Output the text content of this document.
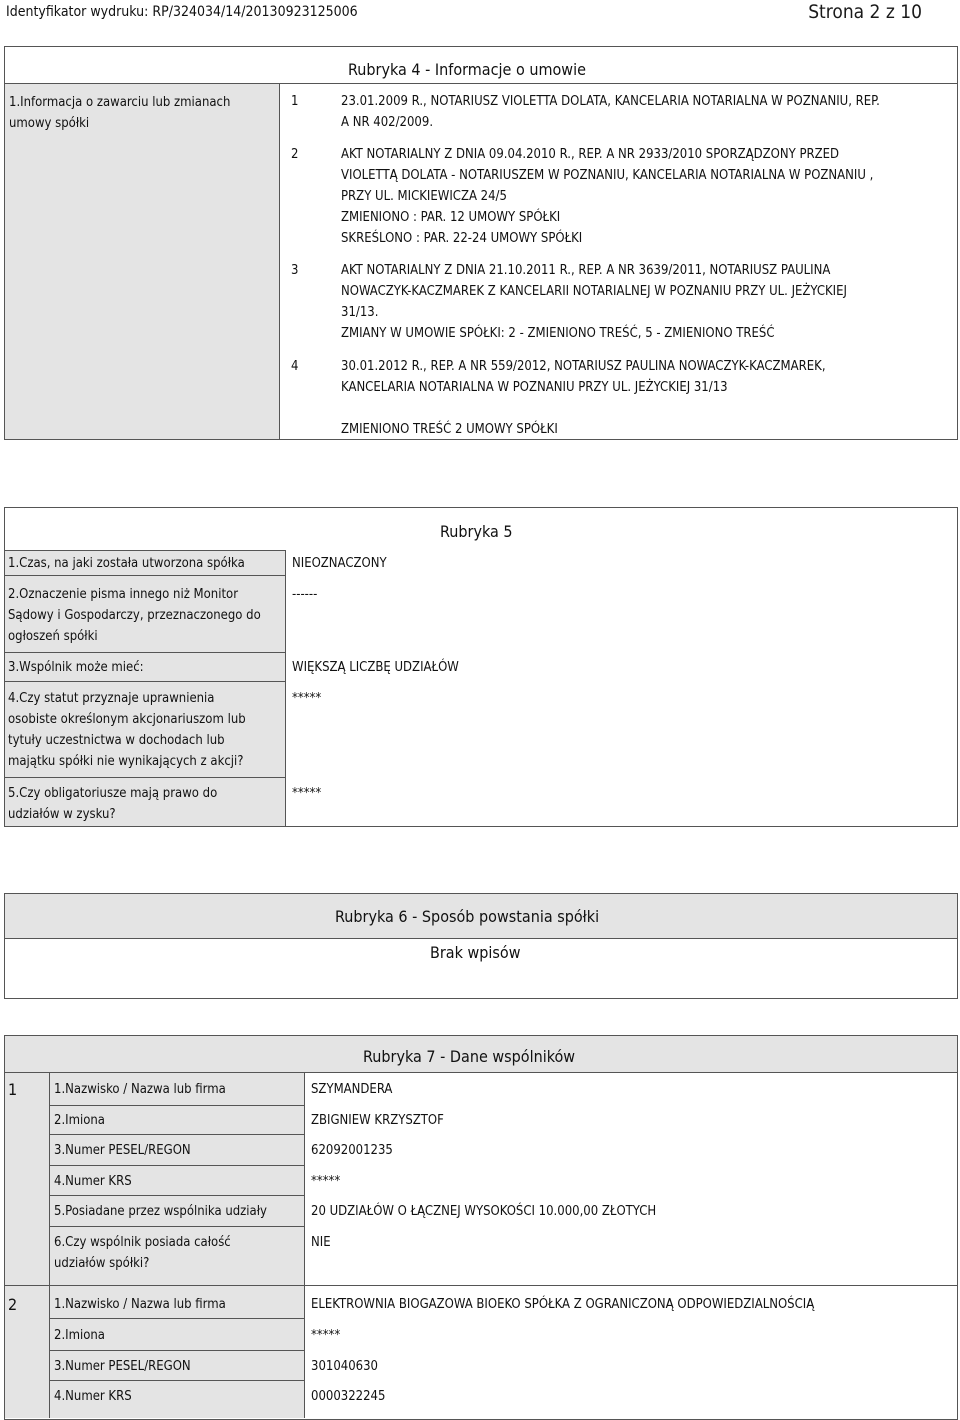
Identyfikator wydruku: RP/324034/14/20130923125006	Strona 2 z 10
Rubryka 4 - Informacje o umowie
1.Informacja o zawarciu lub zmianach
umowy spółki
1	23.01.2009 R., NOTARIUSZ VIOLETTA DOLATA, KANCELARIA NOTARIALNA W POZNANIU, REP.
A NR 402/2009.
2	AKT NOTARIALNY Z DNIA 09.04.2010 R., REP. A NR 2933/2010 SPORZĄDZONY PRZED
VIOLETTĄ DOLATA - NOTARIUSZEM W POZNANIU, KANCELARIA NOTARIALNA W POZNANIU ,
PRZY UL. MICKIEWICZA 24/5
ZMIENIONO : PAR. 12 UMOWY SPÓŁKI
SKREŚLONO : PAR. 22-24 UMOWY SPÓŁKI
3	AKT NOTARIALNY Z DNIA 21.10.2011 R., REP. A NR 3639/2011, NOTARIUSZ PAULINA
NOWACZYK-KACZMAREK Z KANCELARII NOTARIALNEJ W POZNANIU PRZY UL. JEŻYCKIEJ
31/13.
ZMIANY W UMOWIE SPÓŁKI: 2 - ZMIENIONO TREŚĆ, 5 - ZMIENIONO TREŚĆ
4	30.01.2012 R., REP. A NR 559/2012, NOTARIUSZ PAULINA NOWACZYK-KACZMAREK,
KANCELARIA NOTARIALNA W POZNANIU PRZY UL. JEŻYCKIEJ 31/13
ZMIENIONO TREŚĆ 2 UMOWY SPÓŁKI
Rubryka 5
1.Czas, na jaki została utworzona spółka	NIEOZNACZONY
2.Oznaczenie pisma innego niż Monitor
Sądowy i Gospodarczy, przeznaczonego do
ogłoszeń spółki
------
3.Wspólnik może mieć:	WIĘKSZĄ LICZBĘ UDZIAŁÓW
4.Czy statut przyznaje uprawnienia
osobiste określonym akcjonariuszom lub
tytuły uczestnictwa w dochodach lub
majątku spółki nie wynikających z akcji?
*****
5.Czy obligatoriusze mają prawo do
udziałów w zysku?
*****
Rubryka 6 - Sposób powstania spółki
Brak wpisów
Rubryka 7 - Dane wspólników
1	1.Nazwisko / Nazwa lub firma	SZYMANDERA
2.Imiona	ZBIGNIEW KRZYSZTOF
3.Numer PESEL/REGON	62092001235
4.Numer KRS	*****
5.Posiadane przez wspólnika udziały	20 UDZIAŁÓW O ŁĄCZNEJ WYSOKOŚCI 10.000,00 ZŁOTYCH
6.Czy wspólnik posiada całość
udziałów spółki?
NIE
2	1.Nazwisko / Nazwa lub firma	ELEKTROWNIA BIOGAZOWA BIOEKO SPÓŁKA Z OGRANICZONĄ ODPOWIEDZIALNOŚCIĄ
2.Imiona	*****
3.Numer PESEL/REGON	301040630
4.Numer KRS	0000322245
